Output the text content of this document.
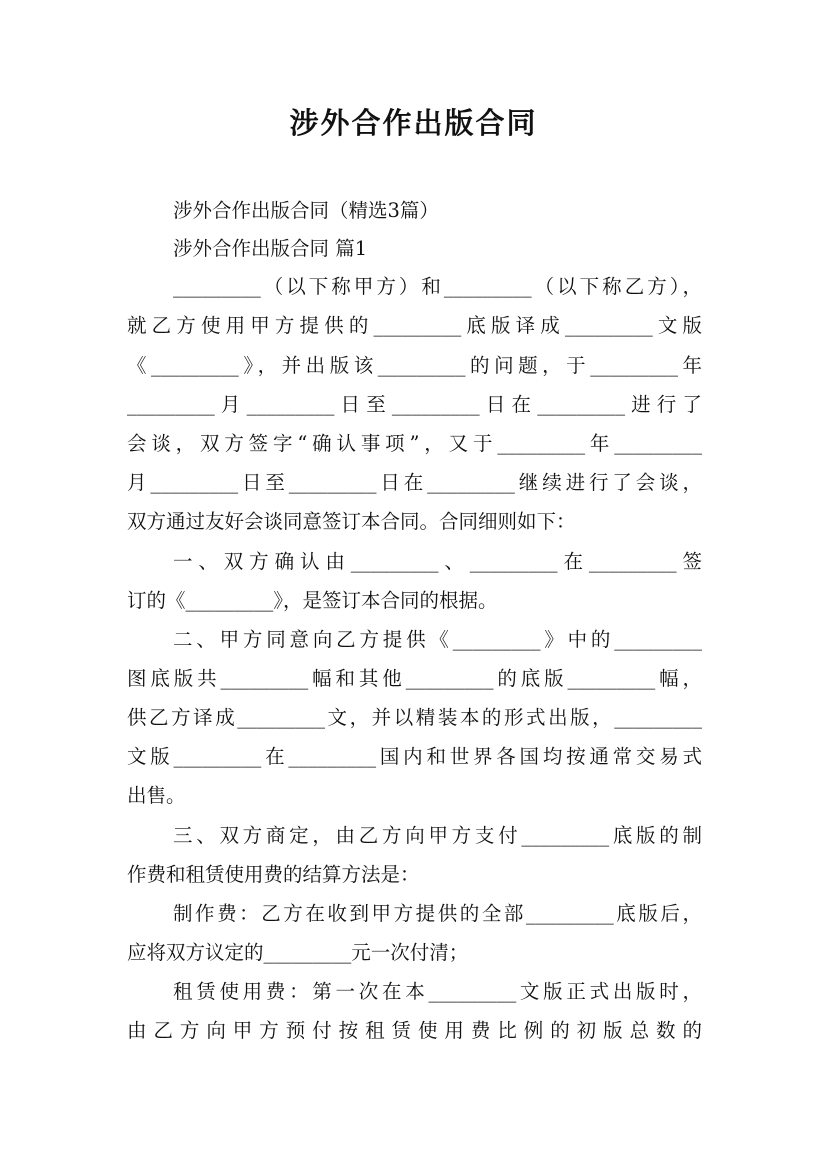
涉外合作出版合同
涉外合作出版合同（精选3篇）
涉外合作出版合同 篇1
_________（以下称甲方）和_________（以下称乙方），
就乙方使用甲方提供的_________底版译成_________文版
《_________》，并出版该_________的问题，于_________年
_________月_________日至_________日在_________进行了
会谈，双方签字“确认事项”，又于_________年_________
月_________日至_________日在_________继续进行了会谈，
双方通过友好会谈同意签订本合同。合同细则如下：
一、双方确认由_________、_________在_________签
订的《_________》，是签订本合同的根据。
二、甲方同意向乙方提供《_________》中的_________
图底版共_________幅和其他_________的底版_________幅，
供乙方译成_________文，并以精装本的形式出版，_________
文版_________在_________国内和世界各国均按通常交易式
出售。
三、双方商定，由乙方向甲方支付_________底版的制
作费和租赁使用费的结算方法是：
制作费：乙方在收到甲方提供的全部_________底版后，
应将双方议定的_________元一次付清；
租赁使用费：第一次在本_________文版正式出版时，
由乙方向甲方预付按租赁使用费比例的初版总数的
